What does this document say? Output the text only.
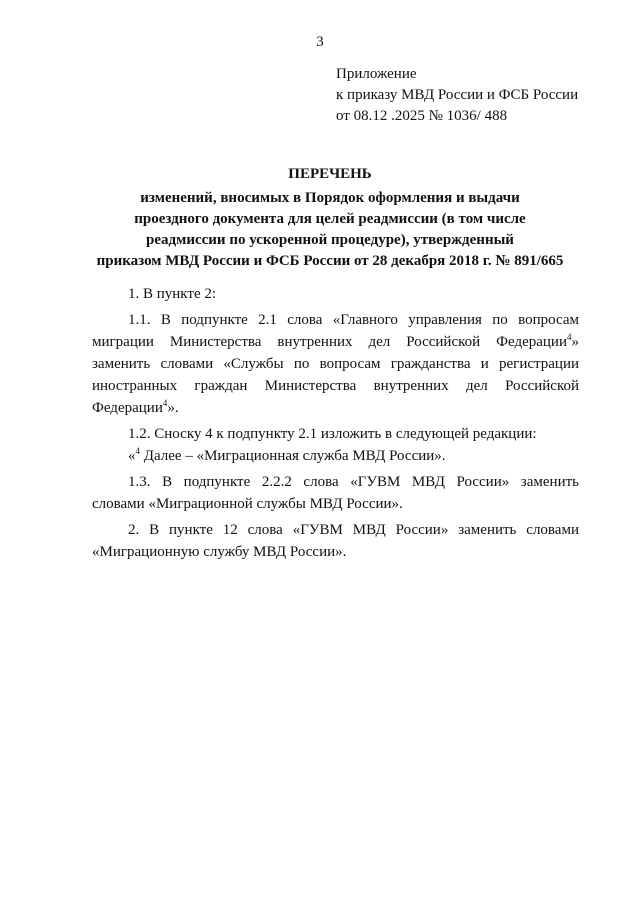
3
Приложение
к приказу МВД России и ФСБ России
от 08.12 .2025 № 1036/ 488
ПЕРЕЧЕНЬ
изменений, вносимых в Порядок оформления и выдачи
проездного документа для целей реадмиссии (в том числе
реадмиссии по ускоренной процедуре), утвержденный
приказом МВД России и ФСБ России от 28 декабря 2018 г. № 891/665
1. В пункте 2:
1.1. В подпункте 2.1 слова «Главного управления по вопросам
миграции Министерства внутренних дел Российской Федерации$^4$»
заменить словами «Службы по вопросам гражданства и регистрации
иностранных граждан Министерства внутренних дел Российской
Федерации$^4$».
1.2. Сноску 4 к подпункту 2.1 изложить в следующей редакции:
«$^4$ Далее – «Миграционная служба МВД России».
1.3. В подпункте 2.2.2 слова «ГУВМ МВД России» заменить
словами «Миграционной службы МВД России».
2. В пункте 12 слова «ГУВМ МВД России» заменить словами
«Миграционную службу МВД России».
